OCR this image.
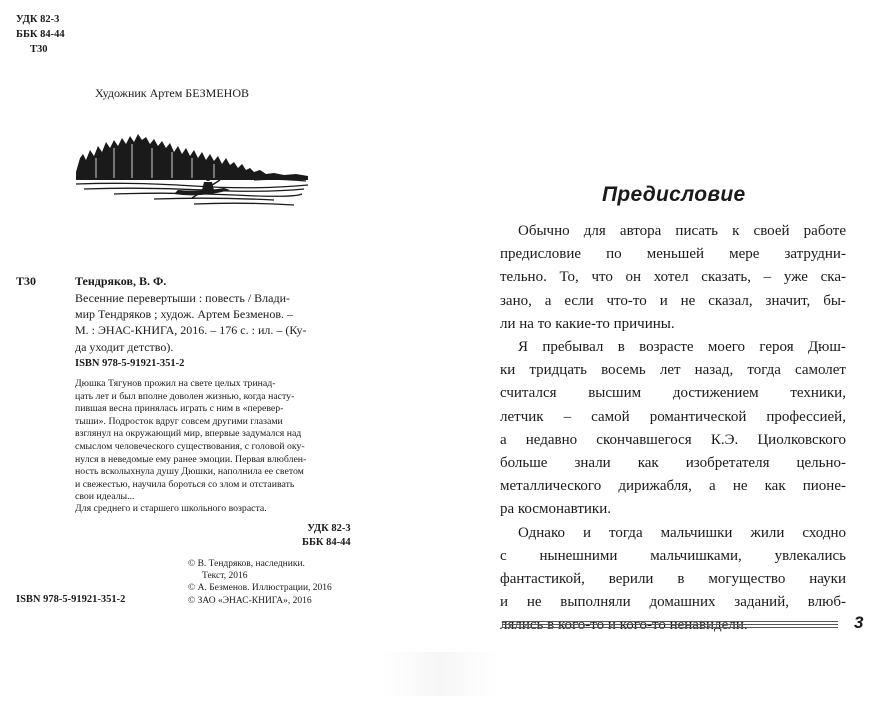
УДК 82-3
ББК 84-44
Т30
Художник Артем БЕЗМЕНОВ
Т30	Тендряков, В. Ф.
Весенние перевертыши : повесть / Влади-
мир Тендряков ; худож. Артем Безменов. –
М. : ЭНАС-КНИГА, 2016. – 176 с. : ил. – (Ку-
да уходит детство).
ISBN 978-5-91921-351-2
Дюшка Тягунов прожил на свете целых тринад-
цать лет и был вполне доволен жизнью, когда насту-
пившая весна принялась играть с ним в «перевер-
тыши». Подросток вдруг совсем другими глазами
взглянул на окружающий мир, впервые задумался над
смыслом человеческого существования, с головой оку-
нулся в неведомые ему ранее эмоции. Первая влюблен-
ность всколыхнула душу Дюшки, наполнила ее светом
и свежестью, научила бороться со злом и отстаивать
свои идеалы...
Для среднего и старшего школьного возраста.
УДК 82-3
ББК 84-44
© В. Тендряков, наследники.
Текст, 2016
© А. Безменов. Иллюстрации, 2016
© ЗАО «ЭНАС-КНИГА», 2016
ISBN 978-5-91921-351-2
Предисловие
Обычно для автора писать к своей работе
предисловие по меньшей мере затрудни-
тельно. То, что он хотел сказать, – уже ска-
зано, а если что-то и не сказал, значит, бы-
ли на то какие-то причины.
Я пребывал в возрасте моего героя Дюш-
ки тридцать восемь лет назад, тогда самолет
считался высшим достижением техники,
летчик – самой романтической профессией,
а недавно скончавшегося К.Э. Циолковского
больше знали как изобретателя цельно-
металлического дирижабля, а не как пионе-
ра космонавтики.
Однако и тогда мальчишки жили сходно
с нынешними мальчишками, увлекались
фантастикой, верили в могущество науки
и не выполняли домашних заданий, влюб-
лялись в кого-то и кого-то ненавидели.	3
